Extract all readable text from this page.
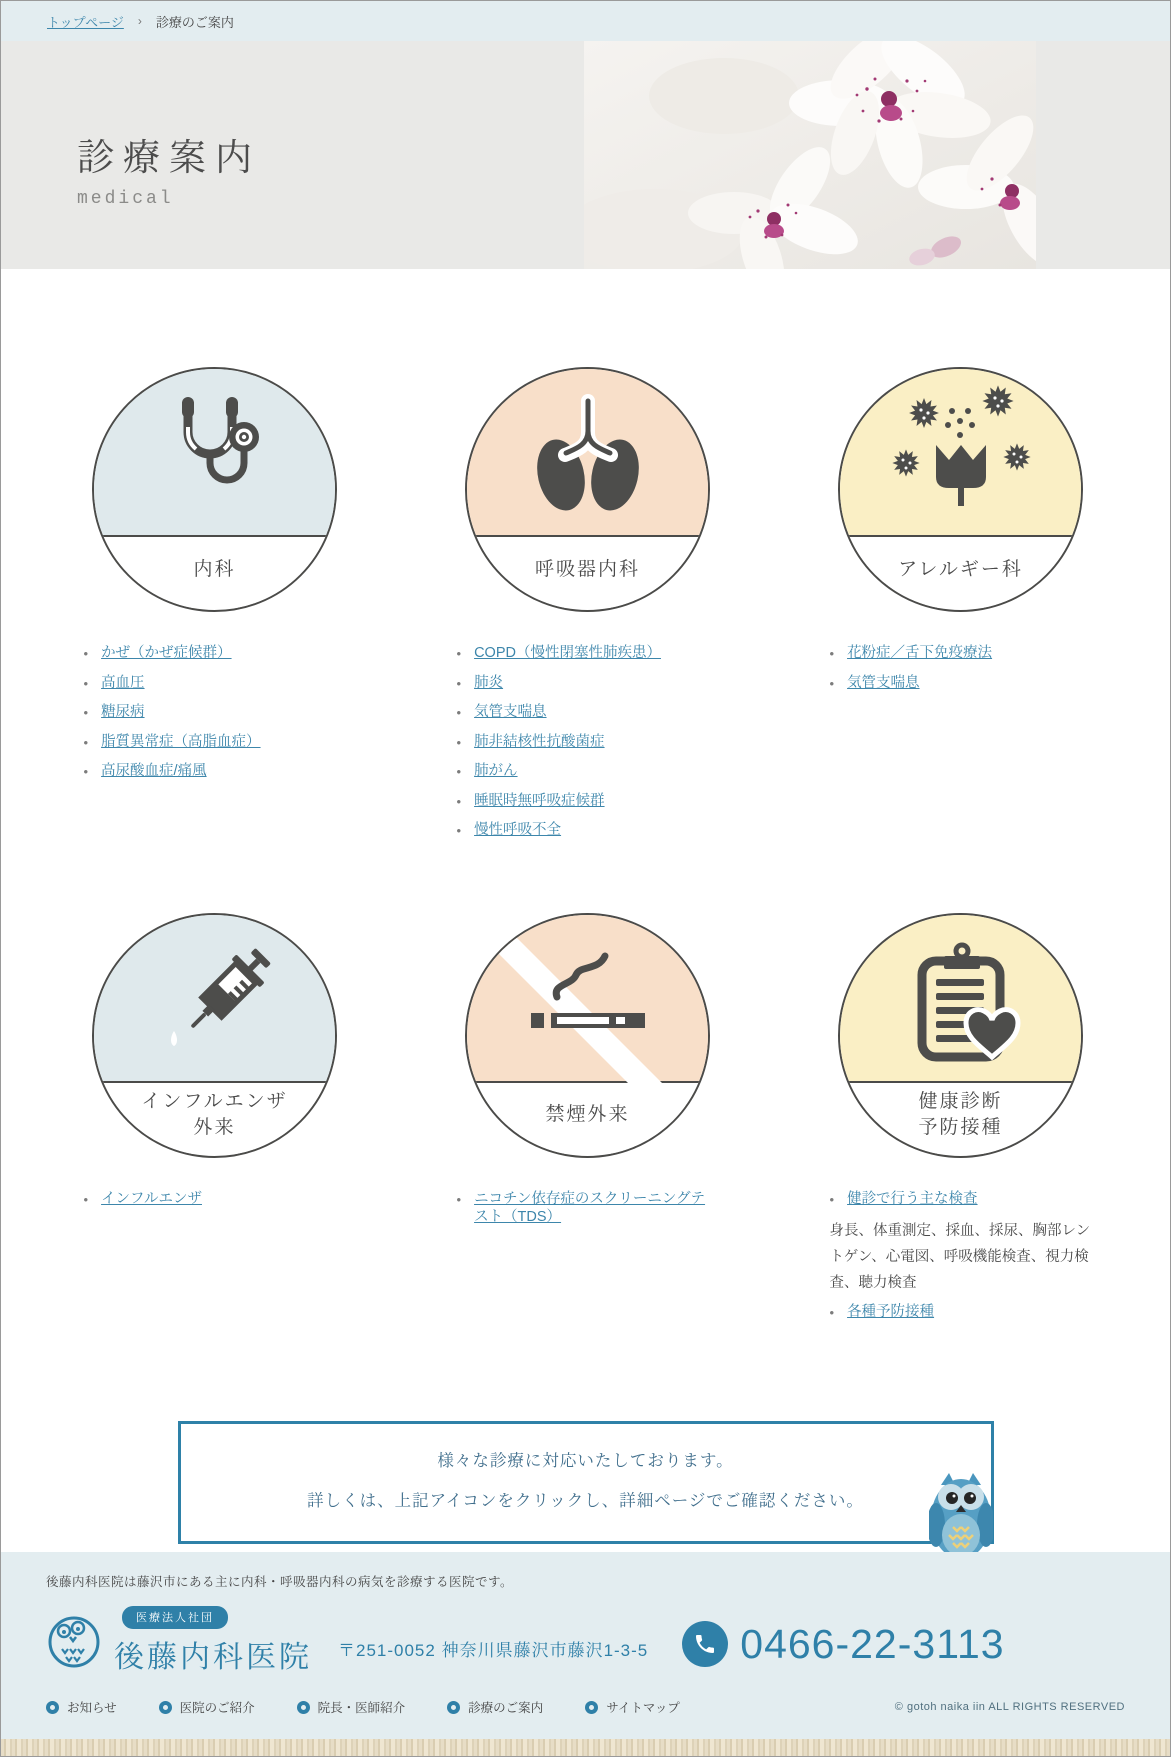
トップページ › 診療のご案内
診療案内
medical
内科
• かぜ（かぜ症候群）
• 高血圧
• 糖尿病
• 脂質異常症（高脂血症）
• 高尿酸血症/痛風
呼吸器内科
• COPD（慢性閉塞性肺疾患）
• 肺炎
• 気管支喘息
• 肺非結核性抗酸菌症
• 肺がん
• 睡眠時無呼吸症候群
• 慢性呼吸不全
アレルギー科
• 花粉症／舌下免疫療法
• 気管支喘息
インフルエンザ
外来
• インフルエンザ
禁煙外来
• ニコチン依存症のスクリーニングテスト（TDS）
健康診断
予防接種
• 健診で行う主な検査
身長、体重測定、採血、採尿、胸部レントゲン、心電図、呼吸機能検査、視力検査、聴力検査
• 各種予防接種

様々な診療に対応いたしております。

詳しくは、上記アイコンをクリックし、詳細ページでご確認ください。

後藤内科医院は藤沢市にある主に内科・呼吸器内科の病気を診療する医院です。
医療法人社団
後藤内科医院 〒251-0052 神奈川県藤沢市藤沢1-3-5 0466-22-3113
お知らせ	医院のご紹介	院長・医師紹介	診療のご案内	サイトマップ	© gotoh naika iin ALL RIGHTS RESERVED
